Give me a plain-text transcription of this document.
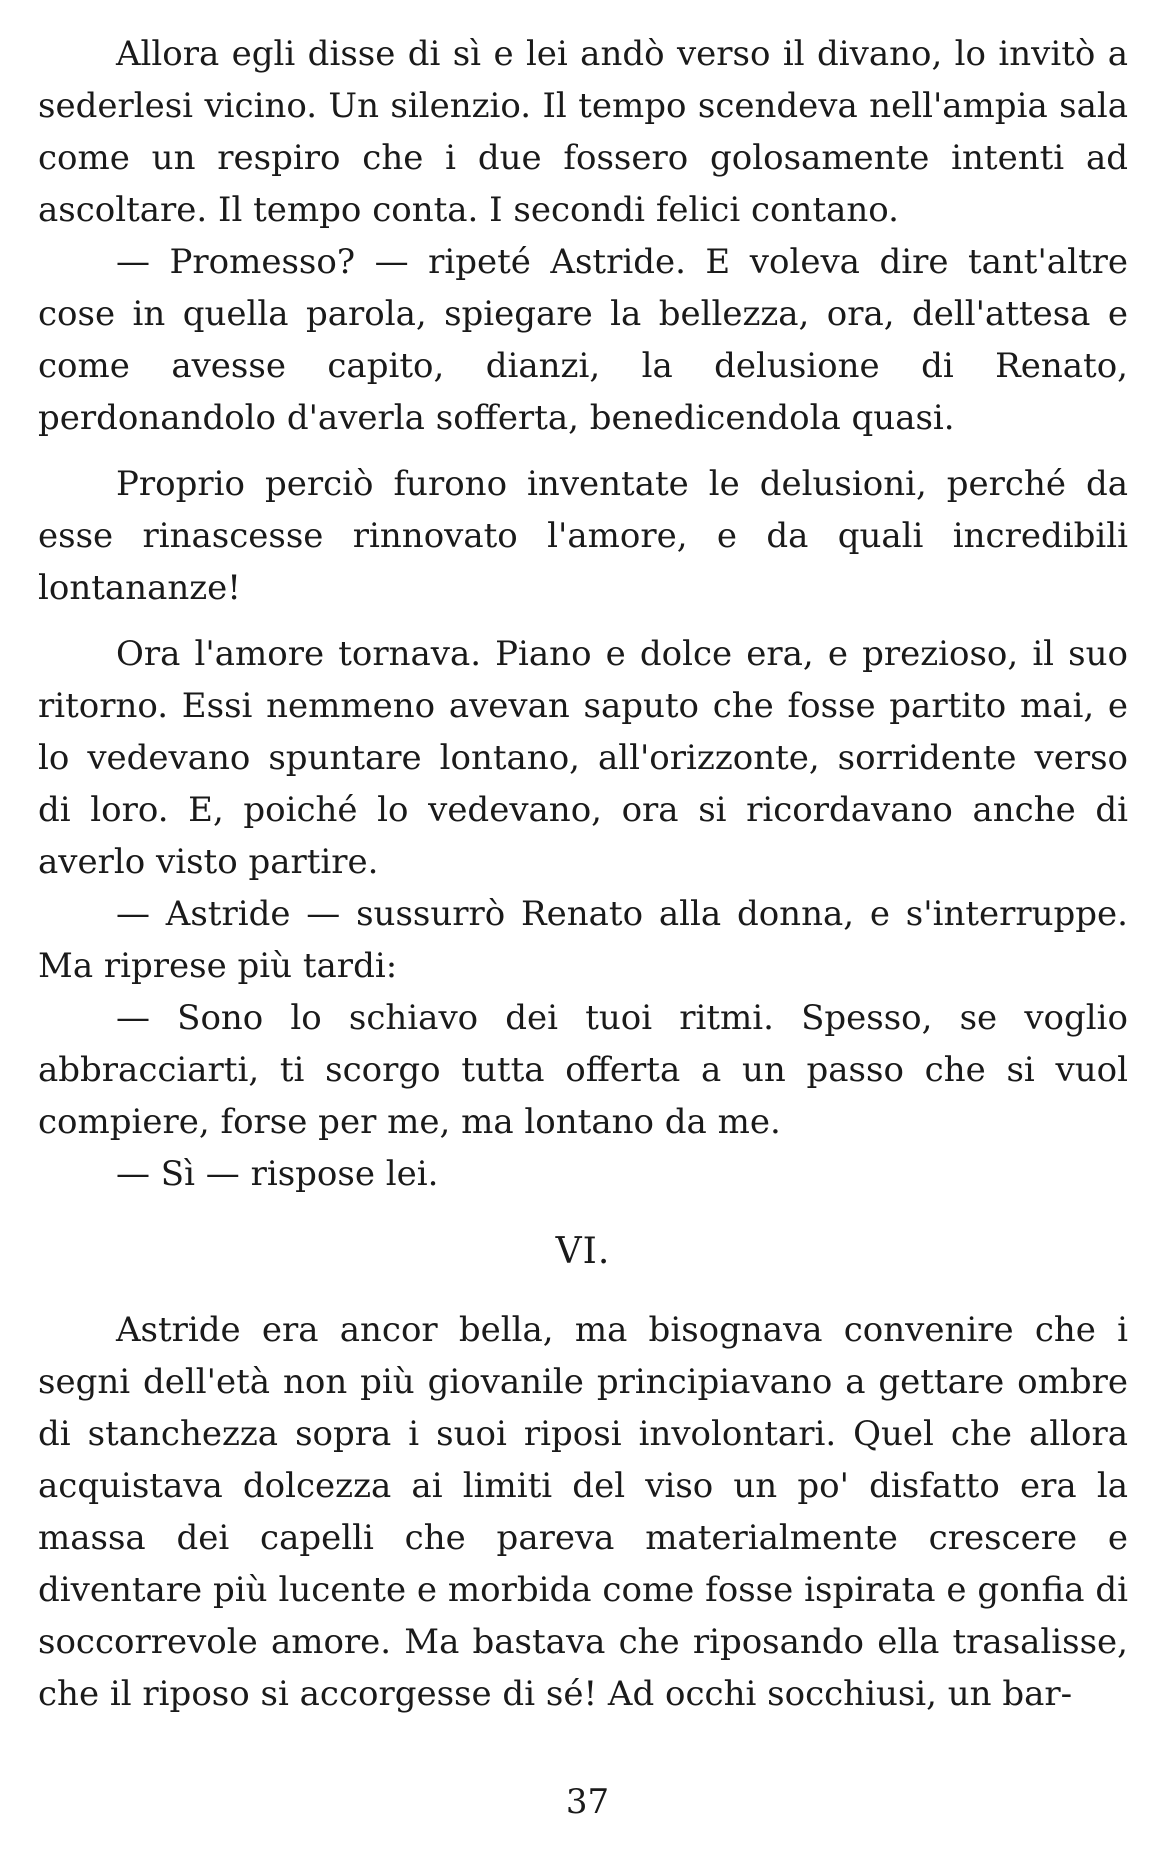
Allora egli disse di sì e lei andò verso il divano, lo invitò a sederlesi vicino. Un silenzio. Il tempo scendeva nell'ampia sala come un respiro che i due fossero golosamente intenti ad ascoltare. Il tempo conta. I secondi felici contano.

— Promesso? — ripeté Astride. E voleva dire tant'altre cose in quella parola, spiegare la bellezza, ora, dell'attesa e come avesse capito, dianzi, la delusione di Renato, perdonandolo d'averla sofferta, benedicendola quasi.

Proprio perciò furono inventate le delusioni, perché da esse rinascesse rinnovato l'amore, e da quali incredibili lontananze!

Ora l'amore tornava. Piano e dolce era, e prezioso, il suo ritorno. Essi nemmeno avevan saputo che fosse partito mai, e lo vedevano spuntare lontano, all'orizzonte, sorridente verso di loro. E, poiché lo vedevano, ora si ricordavano anche di averlo visto partire.

— Astride — sussurrò Renato alla donna, e s'interruppe. Ma riprese più tardi:

— Sono lo schiavo dei tuoi ritmi. Spesso, se voglio abbracciarti, ti scorgo tutta offerta a un passo che si vuol compiere, forse per me, ma lontano da me.

— Sì — rispose lei.

VI.

Astride era ancor bella, ma bisognava convenire che i segni dell'età non più giovanile principiavano a gettare ombre di stanchezza sopra i suoi riposi involontari. Quel che allora acquistava dolcezza ai limiti del viso un po' disfatto era la massa dei capelli che pareva materialmente crescere e diventare più lucente e morbida come fosse ispirata e gonfia di soccorrevole amore. Ma bastava che riposando ella trasalisse, che il riposo si accorgesse di sé! Ad occhi socchiusi, un bar-

37
